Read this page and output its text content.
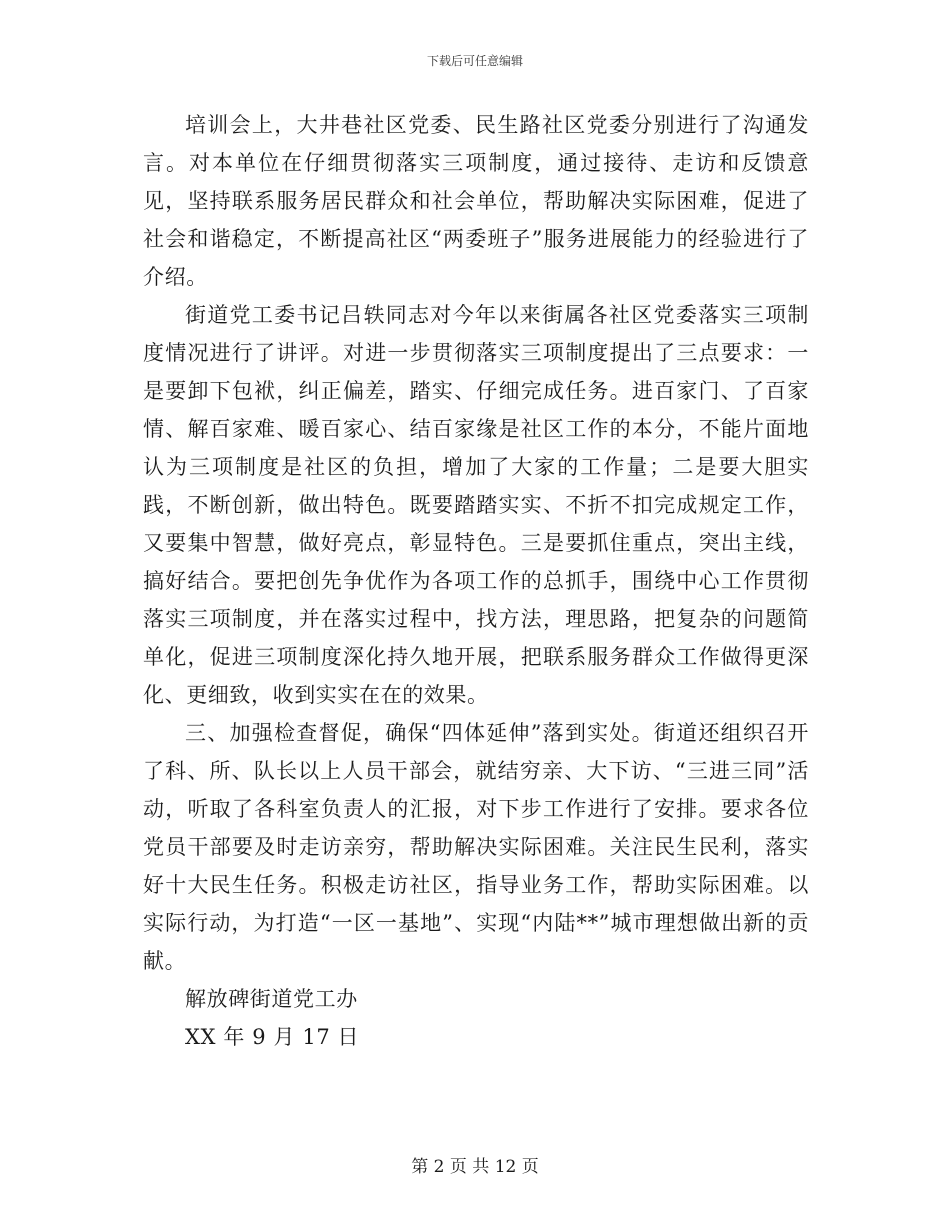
下载后可任意编辑

培训会上，大井巷社区党委、民生路社区党委分别进行了沟通发言。对本单位在仔细贯彻落实三项制度，通过接待、走访和反馈意见，坚持联系服务居民群众和社会单位，帮助解决实际困难，促进了社会和谐稳定，不断提高社区“两委班子”服务进展能力的经验进行了介绍。

街道党工委书记吕轶同志对今年以来街属各社区党委落实三项制度情况进行了讲评。对进一步贯彻落实三项制度提出了三点要求：一是要卸下包袱，纠正偏差，踏实、仔细完成任务。进百家门、了百家情、解百家难、暖百家心、结百家缘是社区工作的本分，不能片面地认为三项制度是社区的负担，增加了大家的工作量；二是要大胆实践，不断创新，做出特色。既要踏踏实实、不折不扣完成规定工作，又要集中智慧，做好亮点，彰显特色。三是要抓住重点，突出主线，搞好结合。要把创先争优作为各项工作的总抓手，围绕中心工作贯彻落实三项制度，并在落实过程中，找方法，理思路，把复杂的问题简单化，促进三项制度深化持久地开展，把联系服务群众工作做得更深化、更细致，收到实实在在的效果。

三、加强检查督促，确保“四体延伸”落到实处。街道还组织召开了科、所、队长以上人员干部会，就结穷亲、大下访、“三进三同”活动，听取了各科室负责人的汇报，对下步工作进行了安排。要求各位党员干部要及时走访亲穷，帮助解决实际困难。关注民生民利，落实好十大民生任务。积极走访社区，指导业务工作，帮助实际困难。以实际行动，为打造“一区一基地”、实现“内陆**”城市理想做出新的贡献。

解放碑街道党工办

XX 年 9 月 17 日

第 2 页 共 12 页
